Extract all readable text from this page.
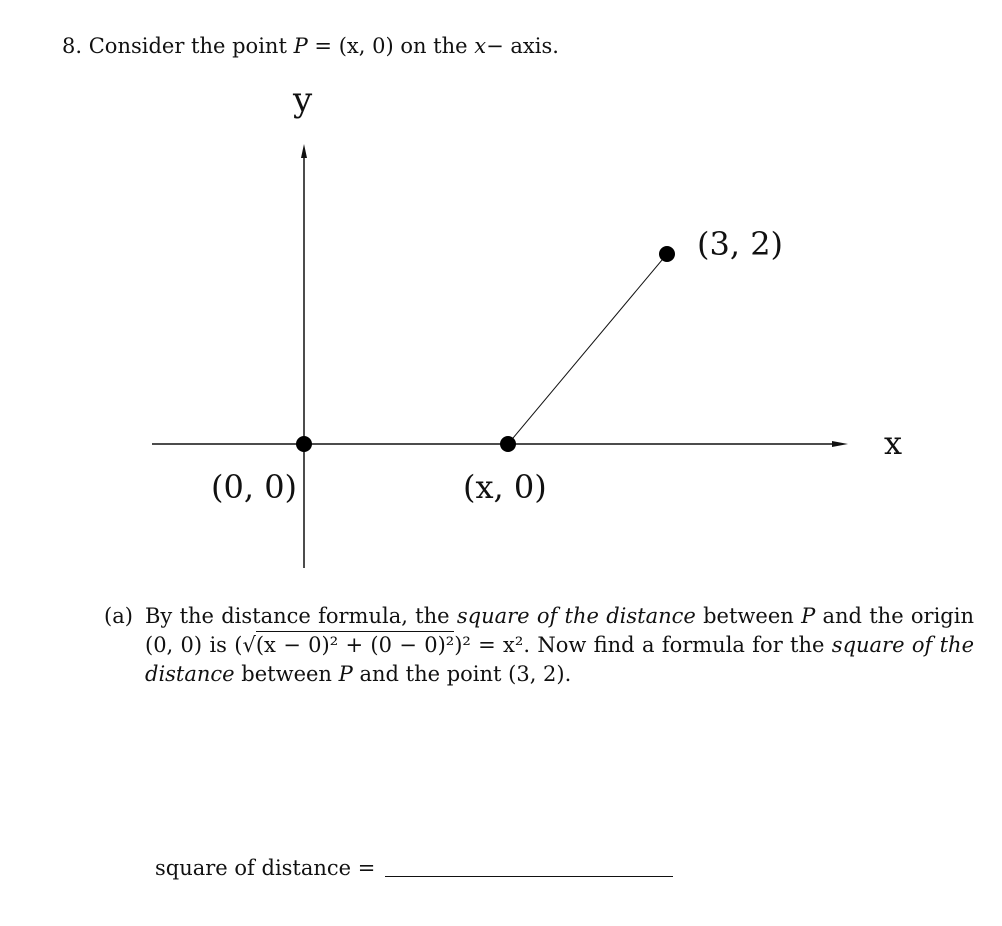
8. Consider the point P = (x, 0) on the x− axis.
y
x
(0, 0)	(x, 0)
(3, 2)
(a) By the distance formula, the square of the distance between P and the origin (0, 0) is (√(x − 0)² + (0 − 0)²)² = x². Now find a formula for the square of the distance between P and the point (3, 2).
square of distance =
